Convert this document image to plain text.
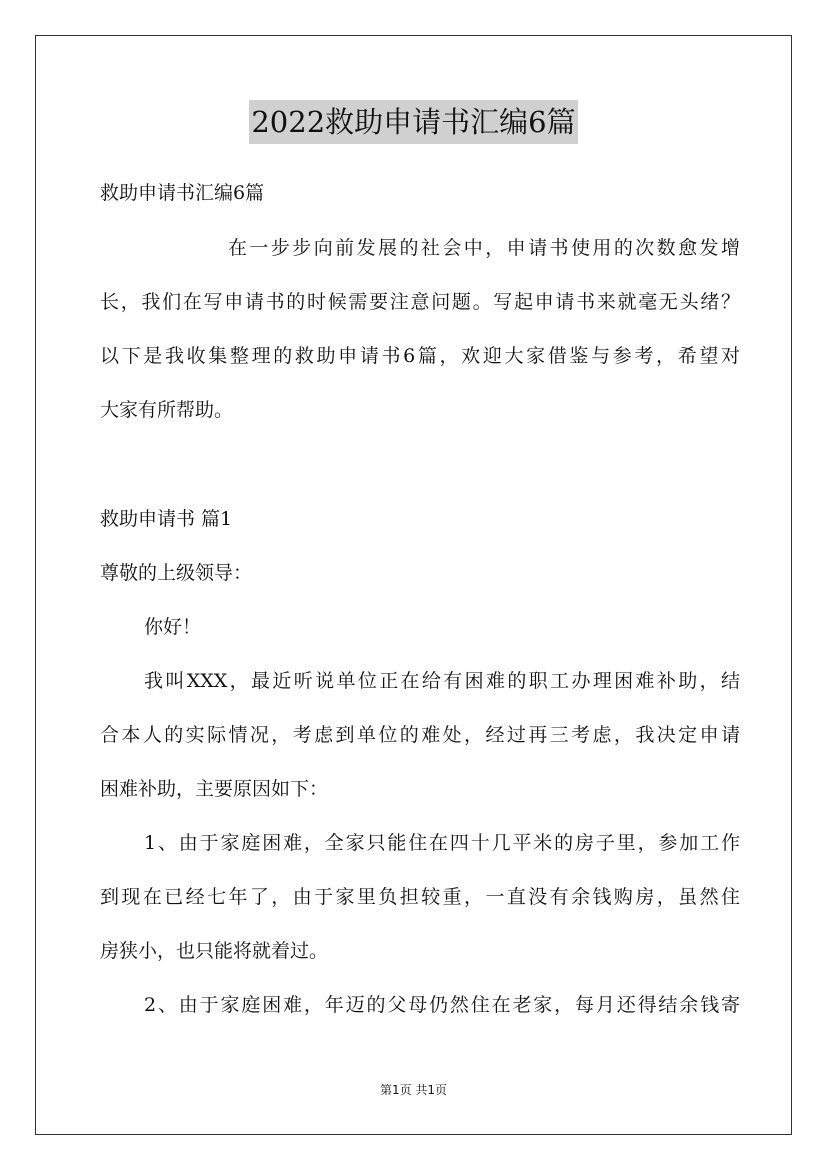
2022救助申请书汇编6篇
救助申请书汇编6篇
在一步步向前发展的社会中，申请书使用的次数愈发增
长，我们在写申请书的时候需要注意问题。写起申请书来就毫无头绪？
以下是我收集整理的救助申请书6篇，欢迎大家借鉴与参考，希望对
大家有所帮助。
救助申请书 篇1
尊敬的上级领导：
你好！
我叫XXX，最近听说单位正在给有困难的职工办理困难补助，结
合本人的实际情况，考虑到单位的难处，经过再三考虑，我决定申请
困难补助，主要原因如下：
1、由于家庭困难，全家只能住在四十几平米的房子里，参加工作
到现在已经七年了，由于家里负担较重，一直没有余钱购房，虽然住
房狭小，也只能将就着过。
2、由于家庭困难，年迈的父母仍然住在老家，每月还得结余钱寄
第1页 共1页
